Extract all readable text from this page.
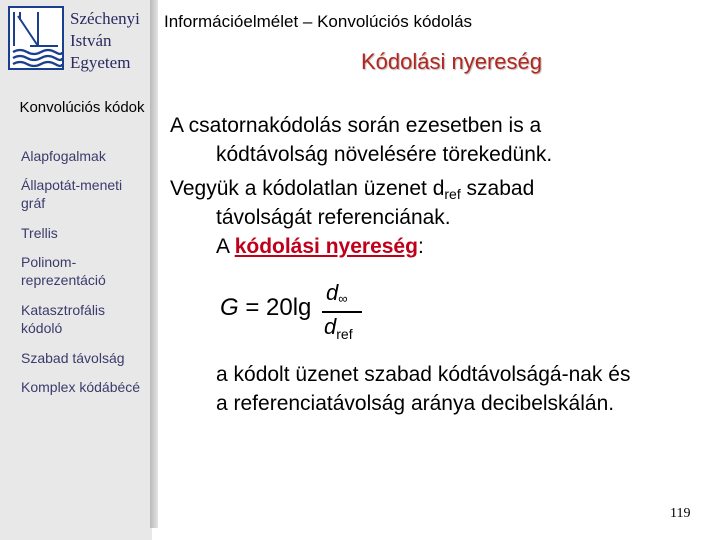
Széchenyi
István
Egyetem
Információelmélet – Konvolúciós kódolás
Kódolási nyereség
Konvolúciós kódok
Alapfogalmak
Állapotát-meneti gráf
Trellis
Polinom-reprezentáció
Katasztrofális kódoló
Szabad távolság
Komplex kódábécé
A csatornakódolás során ezesetben is a
kódtávolság növelésére törekedünk.
Vegyük a kódolatlan üzenet $d_{ref}$ szabad
távolságát referenciának.
A kódolási nyereség:
G = 20lg
$d_\infty$
$d_{ref}$
a kódolt üzenet szabad kódtávolságá-nak és
a referenciatávolság aránya decibelskálán.
119
